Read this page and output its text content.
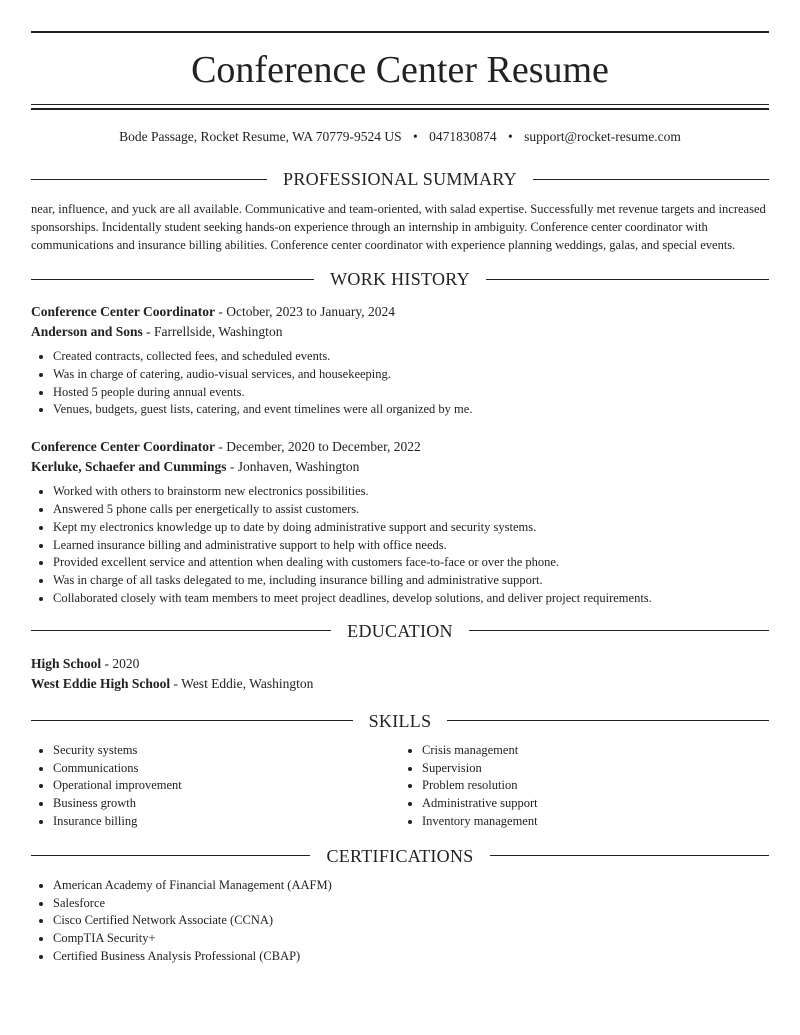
Conference Center Resume
Bode Passage, Rocket Resume, WA 70779-9524 US • 0471830874 • support@rocket-resume.com
PROFESSIONAL SUMMARY
near, influence, and yuck are all available. Communicative and team-oriented, with salad expertise. Successfully met revenue targets and increased sponsorships. Incidentally student seeking hands-on experience through an internship in ambiguity. Conference center coordinator with communications and insurance billing abilities. Conference center coordinator with experience planning weddings, galas, and special events.
WORK HISTORY
Conference Center Coordinator - October, 2023 to January, 2024
Anderson and Sons - Farrellside, Washington
• Created contracts, collected fees, and scheduled events.
• Was in charge of catering, audio-visual services, and housekeeping.
• Hosted 5 people during annual events.
• Venues, budgets, guest lists, catering, and event timelines were all organized by me.
Conference Center Coordinator - December, 2020 to December, 2022
Kerluke, Schaefer and Cummings - Jonhaven, Washington
• Worked with others to brainstorm new electronics possibilities.
• Answered 5 phone calls per energetically to assist customers.
• Kept my electronics knowledge up to date by doing administrative support and security systems.
• Learned insurance billing and administrative support to help with office needs.
• Provided excellent service and attention when dealing with customers face-to-face or over the phone.
• Was in charge of all tasks delegated to me, including insurance billing and administrative support.
• Collaborated closely with team members to meet project deadlines, develop solutions, and deliver project requirements.
EDUCATION
High School - 2020
West Eddie High School - West Eddie, Washington
SKILLS
• Security systems
• Communications
• Operational improvement
• Business growth
• Insurance billing
• Crisis management
• Supervision
• Problem resolution
• Administrative support
• Inventory management
CERTIFICATIONS
• American Academy of Financial Management (AAFM)
• Salesforce
• Cisco Certified Network Associate (CCNA)
• CompTIA Security+
• Certified Business Analysis Professional (CBAP)
